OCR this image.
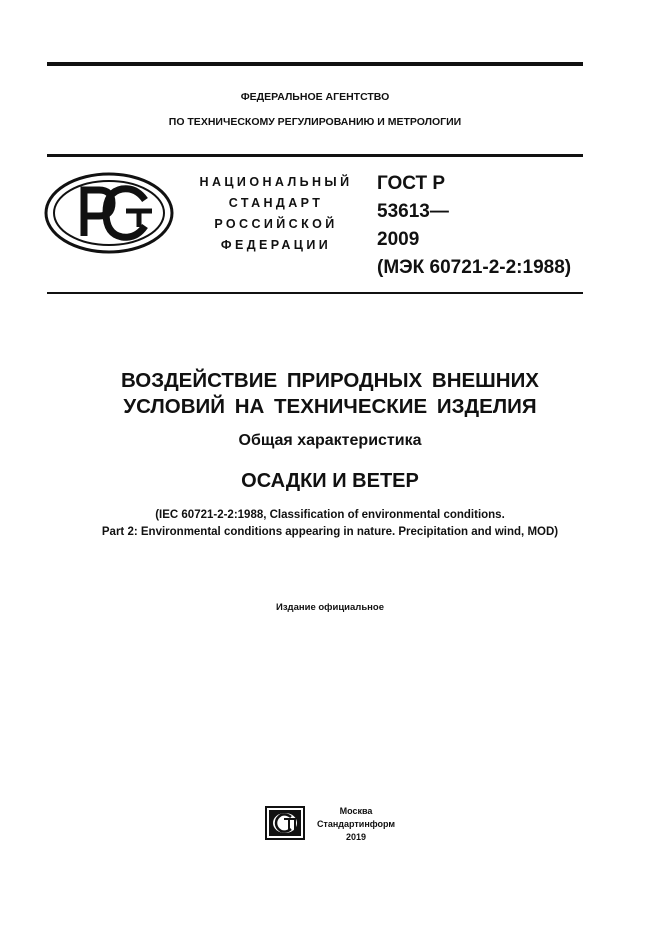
ФЕДЕРАЛЬНОЕ АГЕНТСТВО
ПО ТЕХНИЧЕСКОМУ РЕГУЛИРОВАНИЮ И МЕТРОЛОГИИ
НАЦИОНАЛЬНЫЙ
СТАНДАРТ
РОССИЙСКОЙ
ФЕДЕРАЦИИ
ГОСТ Р
53613—
2009
(МЭК 60721-2-2:1988)
ВОЗДЕЙСТВИЕ ПРИРОДНЫХ ВНЕШНИХ
УСЛОВИЙ НА ТЕХНИЧЕСКИЕ ИЗДЕЛИЯ
Общая характеристика
ОСАДКИ И ВЕТЕР
(IEC 60721-2-2:1988, Classification of environmental conditions.
Part 2: Environmental conditions appearing in nature. Precipitation and wind, MOD)
Издание официальное
Москва
Стандартинформ
2019
